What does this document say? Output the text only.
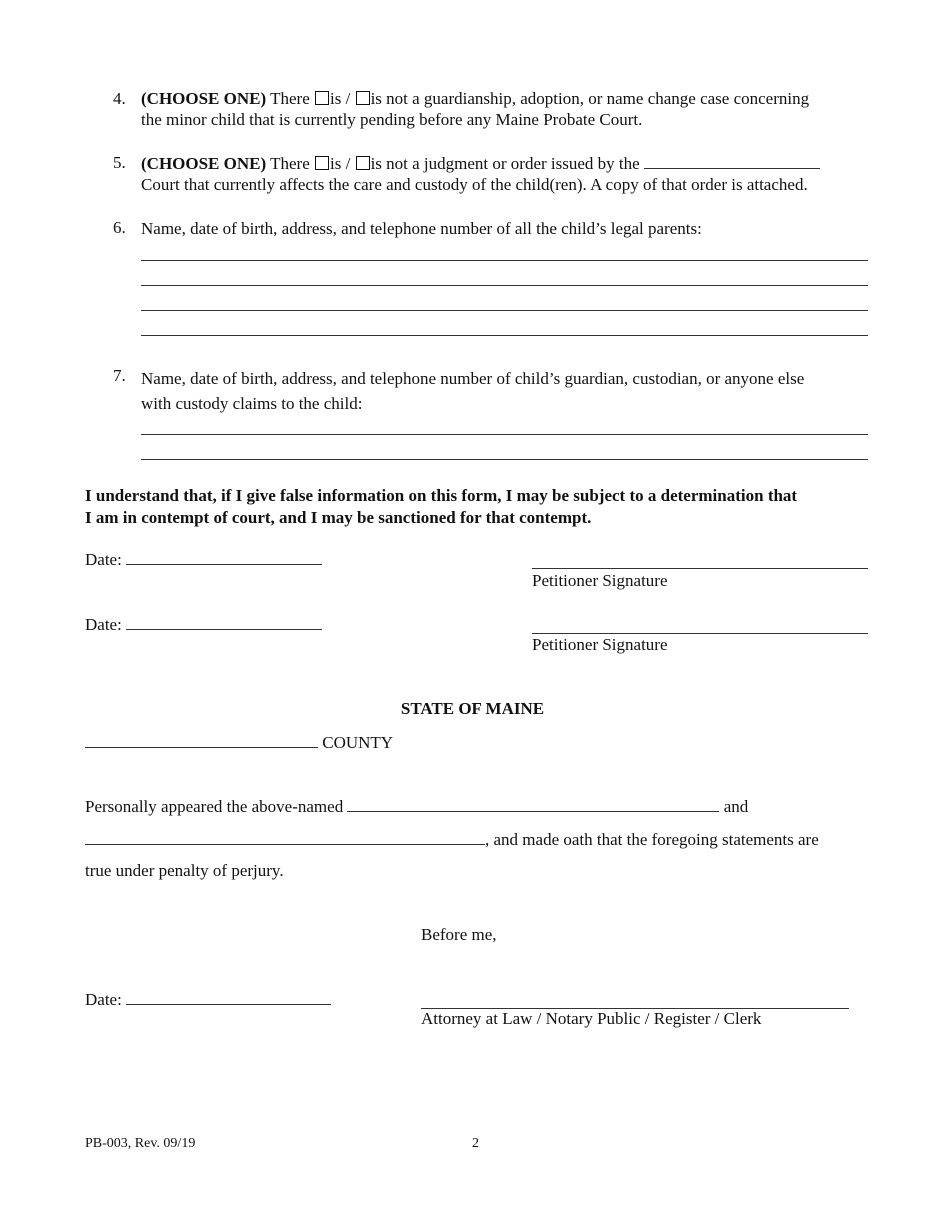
4. (CHOOSE ONE) There is / is not a guardianship, adoption, or name change case concerning
the minor child that is currently pending before any Maine Probate Court.
5. (CHOOSE ONE) There is / is not a judgment or order issued by the
Court that currently affects the care and custody of the child(ren). A copy of that order is attached.
6. Name, date of birth, address, and telephone number of all the child’s legal parents:
7. Name, date of birth, address, and telephone number of child’s guardian, custodian, or anyone else
with custody claims to the child:
I understand that, if I give false information on this form, I may be subject to a determination that
I am in contempt of court, and I may be sanctioned for that contempt.
Date:
Petitioner Signature
Date:
Petitioner Signature
STATE OF MAINE
COUNTY
Personally appeared the above-named	and
, and made oath that the foregoing statements are
true under penalty of perjury.
Before me,
Date:
Attorney at Law / Notary Public / Register / Clerk
PB-003, Rev. 09/19	2
